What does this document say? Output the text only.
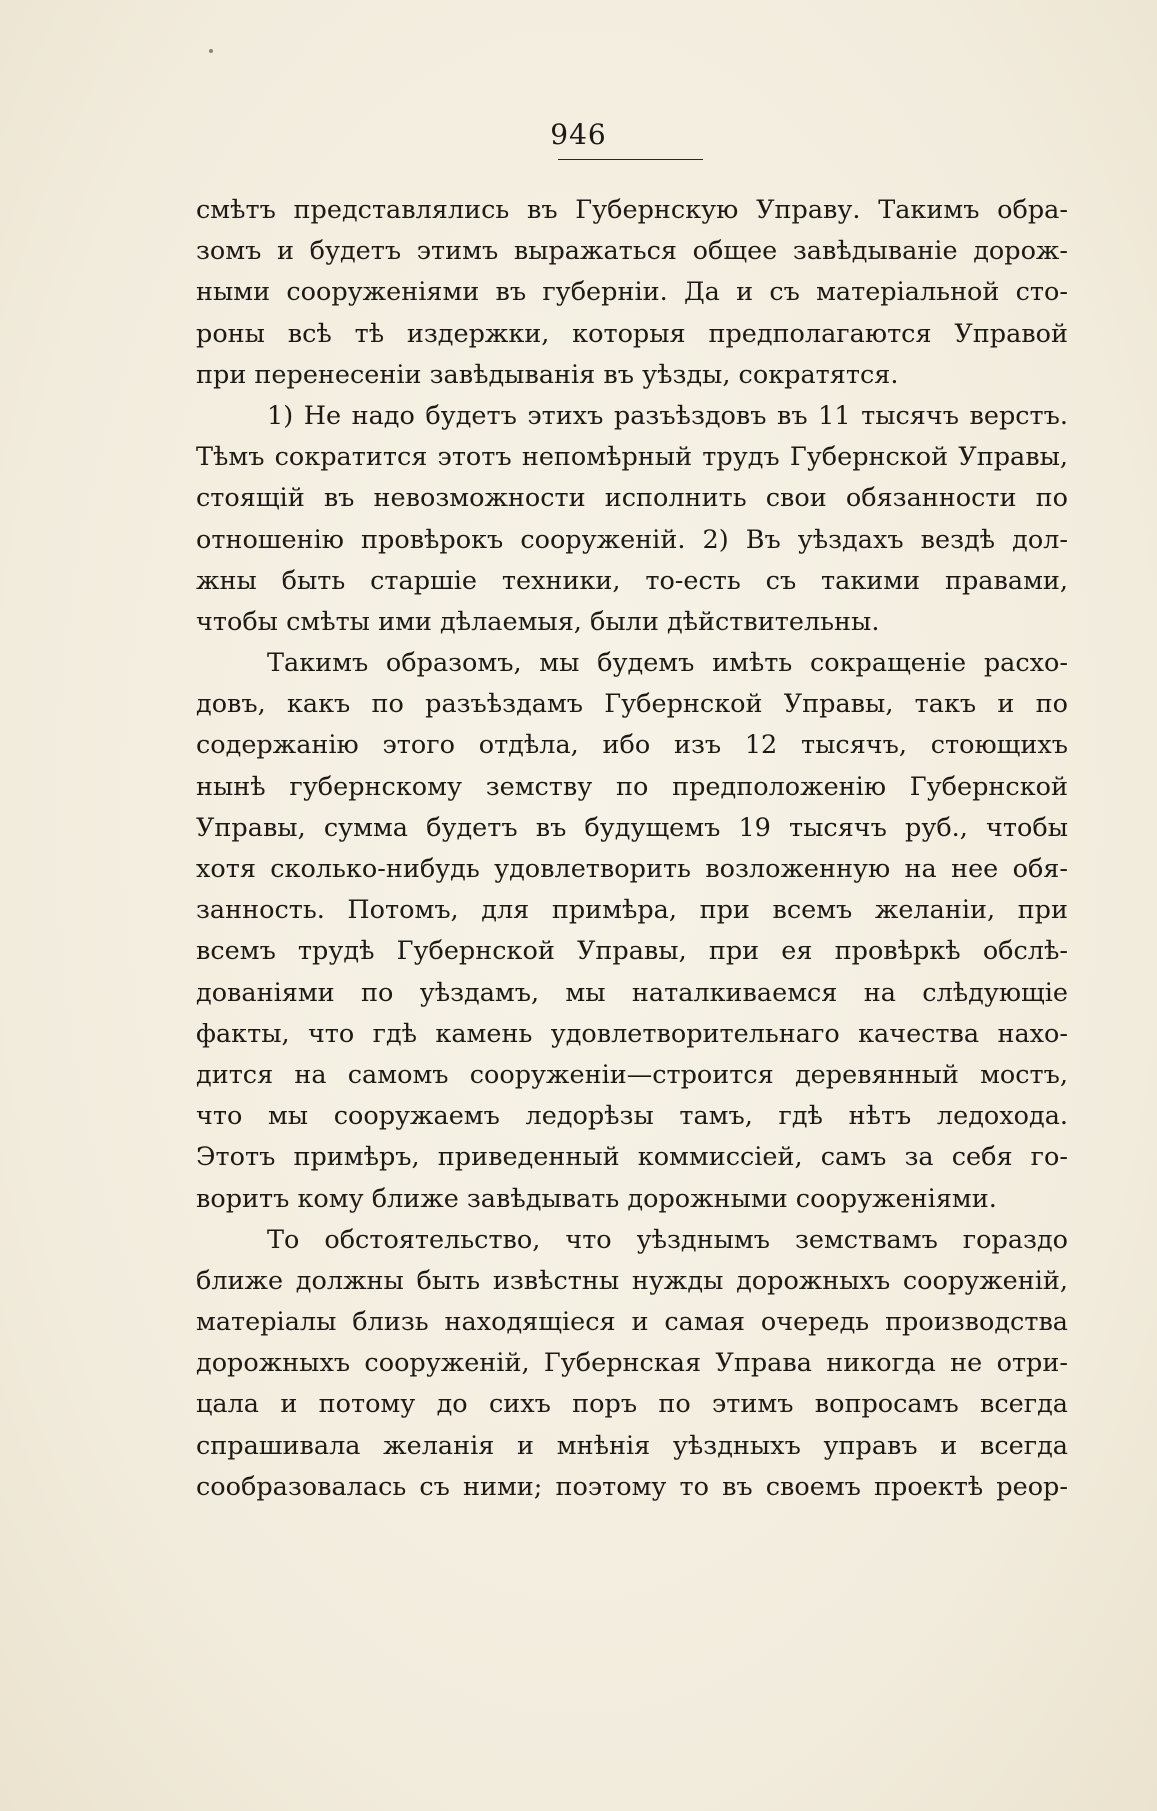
946
смѣтъ представлялись въ Губернскую Управу. Такимъ обра-
зомъ и будетъ этимъ выражаться общее завѣдываніе дорож-
ными сооруженіями въ губерніи. Да и съ матеріальной сто-
роны всѣ тѣ издержки, которыя предполагаются Управой
при перенесеніи завѣдыванія въ уѣзды, сократятся.
1) Не надо будетъ этихъ разъѣздовъ въ 11 тысячъ верстъ.
Тѣмъ сократится этотъ непомѣрный трудъ Губернской Управы,
стоящій въ невозможности исполнить свои обязанности по
отношенію провѣрокъ сооруженій. 2) Въ уѣздахъ вездѣ дол-
жны быть старшіе техники, то-есть съ такими правами,
чтобы смѣты ими дѣлаемыя, были дѣйствительны.
Такимъ образомъ, мы будемъ имѣть сокращеніе расхо-
довъ, какъ по разъѣздамъ Губернской Управы, такъ и по
содержанію этого отдѣла, ибо изъ 12 тысячъ, стоющихъ
нынѣ губернскому земству по предположенію Губернской
Управы, сумма будетъ въ будущемъ 19 тысячъ руб., чтобы
хотя сколько-нибудь удовлетворить возложенную на нее обя-
занность. Потомъ, для примѣра, при всемъ желаніи, при
всемъ трудѣ Губернской Управы, при ея провѣркѣ обслѣ-
дованіями по уѣздамъ, мы наталкиваемся на слѣдующіе
факты, что гдѣ камень удовлетворительнаго качества нахо-
дится на самомъ сооруженіи—строится деревянный мостъ,
что мы сооружаемъ ледорѣзы тамъ, гдѣ нѣтъ ледохода.
Этотъ примѣръ, приведенный коммиссіей, самъ за себя го-
воритъ кому ближе завѣдывать дорожными сооруженіями.
То обстоятельство, что уѣзднымъ земствамъ гораздо
ближе должны быть извѣстны нужды дорожныхъ сооруженій,
матеріалы близь находящіеся и самая очередь производства
дорожныхъ сооруженій, Губернская Управа никогда не отри-
цала и потому до сихъ поръ по этимъ вопросамъ всегда
спрашивала желанія и мнѣнія уѣздныхъ управъ и всегда
сообразовалась съ ними; поэтому то въ своемъ проектѣ реор-
